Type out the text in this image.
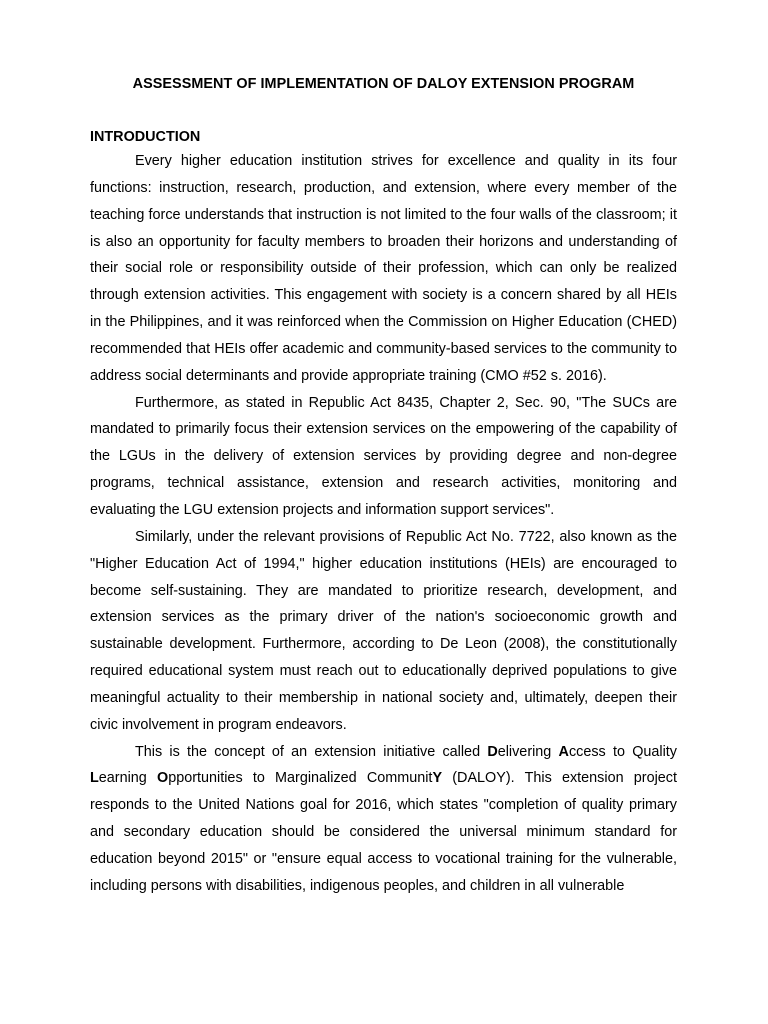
ASSESSMENT OF IMPLEMENTATION OF DALOY EXTENSION PROGRAM

INTRODUCTION

Every higher education institution strives for excellence and quality in its four functions: instruction, research, production, and extension, where every member of the teaching force understands that instruction is not limited to the four walls of the classroom; it is also an opportunity for faculty members to broaden their horizons and understanding of their social role or responsibility outside of their profession, which can only be realized through extension activities. This engagement with society is a concern shared by all HEIs in the Philippines, and it was reinforced when the Commission on Higher Education (CHED) recommended that HEIs offer academic and community-based services to the community to address social determinants and provide appropriate training (CMO #52 s. 2016).

Furthermore, as stated in Republic Act 8435, Chapter 2, Sec. 90, "The SUCs are mandated to primarily focus their extension services on the empowering of the capability of the LGUs in the delivery of extension services by providing degree and non-degree programs, technical assistance, extension and research activities, monitoring and evaluating the LGU extension projects and information support services".

Similarly, under the relevant provisions of Republic Act No. 7722, also known as the "Higher Education Act of 1994," higher education institutions (HEIs) are encouraged to become self-sustaining. They are mandated to prioritize research, development, and extension services as the primary driver of the nation's socioeconomic growth and sustainable development. Furthermore, according to De Leon (2008), the constitutionally required educational system must reach out to educationally deprived populations to give meaningful actuality to their membership in national society and, ultimately, deepen their civic involvement in program endeavors.

This is the concept of an extension initiative called Delivering Access to Quality Learning Opportunities to Marginalized CommunitY (DALOY). This extension project responds to the United Nations goal for 2016, which states "completion of quality primary and secondary education should be considered the universal minimum standard for education beyond 2015" or "ensure equal access to vocational training for the vulnerable, including persons with disabilities, indigenous peoples, and children in all vulnerable
